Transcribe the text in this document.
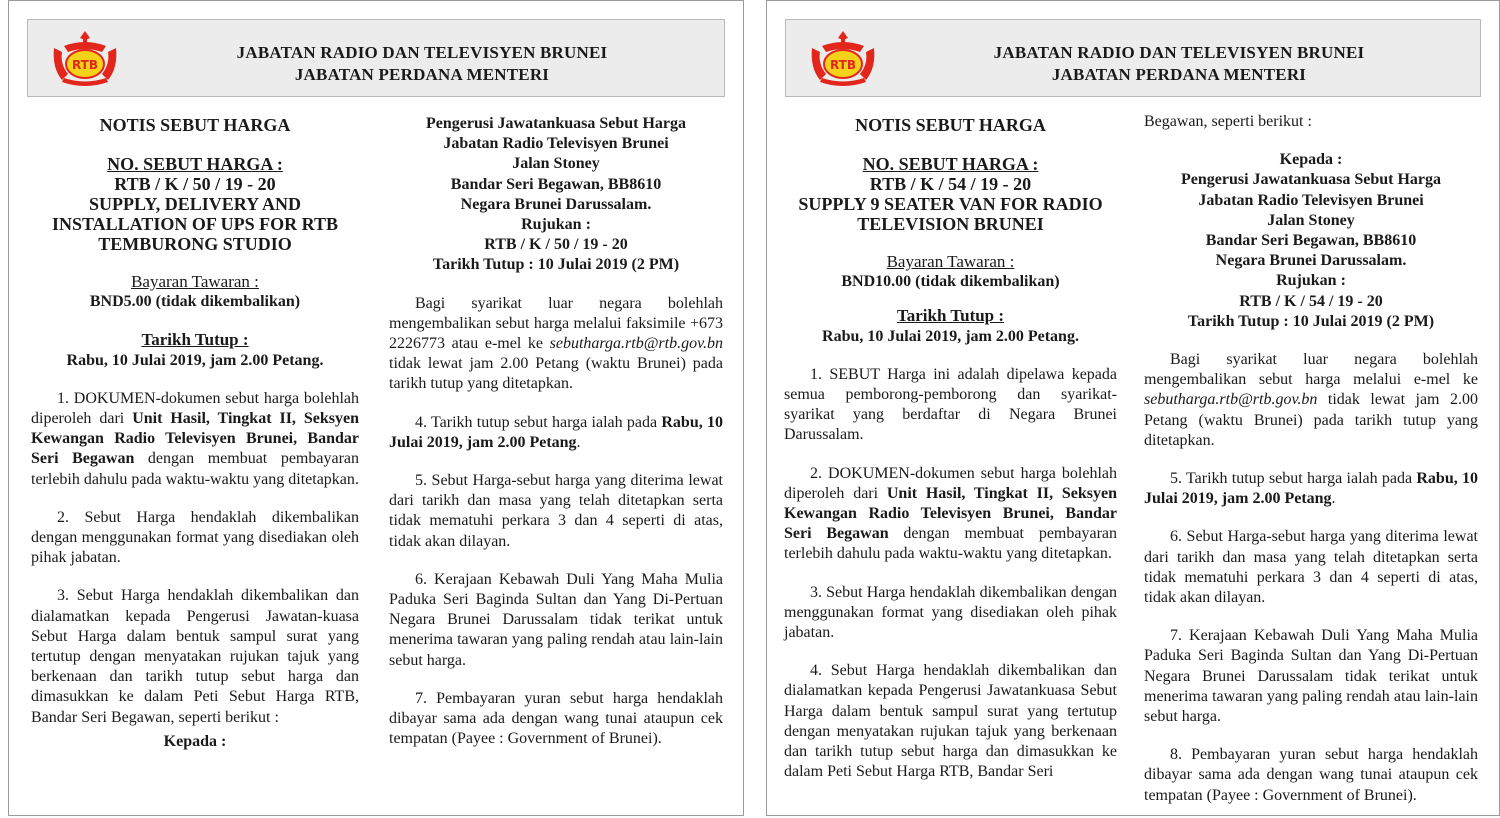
RTB
JABATAN RADIO DAN TELEVISYEN BRUNEI
JABATAN PERDANA MENTERI
NOTIS SEBUT HARGA
NO. SEBUT HARGA :
RTB / K / 50 / 19 - 20
SUPPLY, DELIVERY AND
INSTALLATION OF UPS FOR RTB
TEMBURONG STUDIO
Bayaran Tawaran :
BND5.00 (tidak dikembalikan)
Tarikh Tutup :
Rabu, 10 Julai 2019, jam 2.00 Petang.

1. DOKUMEN-dokumen sebut harga bolehlah diperoleh dari Unit Hasil, Tingkat II, Seksyen Kewangan Radio Televisyen Brunei, Bandar Seri Begawan dengan membuat pembayaran terlebih dahulu pada waktu-waktu yang ditetapkan.

2. Sebut Harga hendaklah dikembalikan dengan menggunakan format yang disediakan oleh pihak jabatan.

3. Sebut Harga hendaklah dikembalikan dan dialamatkan kepada Pengerusi Jawatan-kuasa Sebut Harga dalam bentuk sampul surat yang tertutup dengan menyatakan rujukan tajuk yang berkenaan dan tarikh tutup sebut harga dan dimasukkan ke dalam Peti Sebut Harga RTB, Bandar Seri Begawan, seperti berikut :

Kepada :
Pengerusi Jawatankuasa Sebut Harga
Jabatan Radio Televisyen Brunei
Jalan Stoney
Bandar Seri Begawan, BB8610
Negara Brunei Darussalam.
Rujukan :
RTB / K / 50 / 19 - 20
Tarikh Tutup : 10 Julai 2019 (2 PM)

Bagi syarikat luar negara bolehlah mengembalikan sebut harga melalui faksimile +673 2226773 atau e-mel ke sebutharga.rtb@rtb.gov.bn tidak lewat jam 2.00 Petang (waktu Brunei) pada tarikh tutup yang ditetapkan.

4. Tarikh tutup sebut harga ialah pada Rabu, 10 Julai 2019, jam 2.00 Petang.

5. Sebut Harga-sebut harga yang diterima lewat dari tarikh dan masa yang telah ditetapkan serta tidak mematuhi perkara 3 dan 4 seperti di atas, tidak akan dilayan.

6. Kerajaan Kebawah Duli Yang Maha Mulia Paduka Seri Baginda Sultan dan Yang Di-Pertuan Negara Brunei Darussalam tidak terikat untuk menerima tawaran yang paling rendah atau lain-lain sebut harga.

7. Pembayaran yuran sebut harga hendaklah dibayar sama ada dengan wang tunai ataupun cek tempatan (Payee : Government of Brunei).

RTB
JABATAN RADIO DAN TELEVISYEN BRUNEI
JABATAN PERDANA MENTERI
NOTIS SEBUT HARGA
NO. SEBUT HARGA :
RTB / K / 54 / 19 - 20
SUPPLY 9 SEATER VAN FOR RADIO
TELEVISION BRUNEI
Bayaran Tawaran :
BND10.00 (tidak dikembalikan)
Tarikh Tutup :
Rabu, 10 Julai 2019, jam 2.00 Petang.

1. SEBUT Harga ini adalah dipelawa kepada semua pemborong-pemborong dan syarikat-syarikat yang berdaftar di Negara Brunei Darussalam.

2. DOKUMEN-dokumen sebut harga bolehlah diperoleh dari Unit Hasil, Tingkat II, Seksyen Kewangan Radio Televisyen Brunei, Bandar Seri Begawan dengan membuat pembayaran terlebih dahulu pada waktu-waktu yang ditetapkan.

3. Sebut Harga hendaklah dikembalikan dengan menggunakan format yang disediakan oleh pihak jabatan.

4. Sebut Harga hendaklah dikembalikan dan dialamatkan kepada Pengerusi Jawatankuasa Sebut Harga dalam bentuk sampul surat yang tertutup dengan menyatakan rujukan tajuk yang berkenaan dan tarikh tutup sebut harga dan dimasukkan ke dalam Peti Sebut Harga RTB, Bandar Seri

Begawan, seperti berikut :

Kepada :
Pengerusi Jawatankuasa Sebut Harga
Jabatan Radio Televisyen Brunei
Jalan Stoney
Bandar Seri Begawan, BB8610
Negara Brunei Darussalam.
Rujukan :
RTB / K / 54 / 19 - 20
Tarikh Tutup : 10 Julai 2019 (2 PM)

Bagi syarikat luar negara bolehlah mengembalikan sebut harga melalui e-mel ke sebutharga.rtb@rtb.gov.bn tidak lewat jam 2.00 Petang (waktu Brunei) pada tarikh tutup yang ditetapkan.

5. Tarikh tutup sebut harga ialah pada Rabu, 10 Julai 2019, jam 2.00 Petang.

6. Sebut Harga-sebut harga yang diterima lewat dari tarikh dan masa yang telah ditetapkan serta tidak mematuhi perkara 3 dan 4 seperti di atas, tidak akan dilayan.

7. Kerajaan Kebawah Duli Yang Maha Mulia Paduka Seri Baginda Sultan dan Yang Di-Pertuan Negara Brunei Darussalam tidak terikat untuk menerima tawaran yang paling rendah atau lain-lain sebut harga.

8. Pembayaran yuran sebut harga hendaklah dibayar sama ada dengan wang tunai ataupun cek tempatan (Payee : Government of Brunei).
